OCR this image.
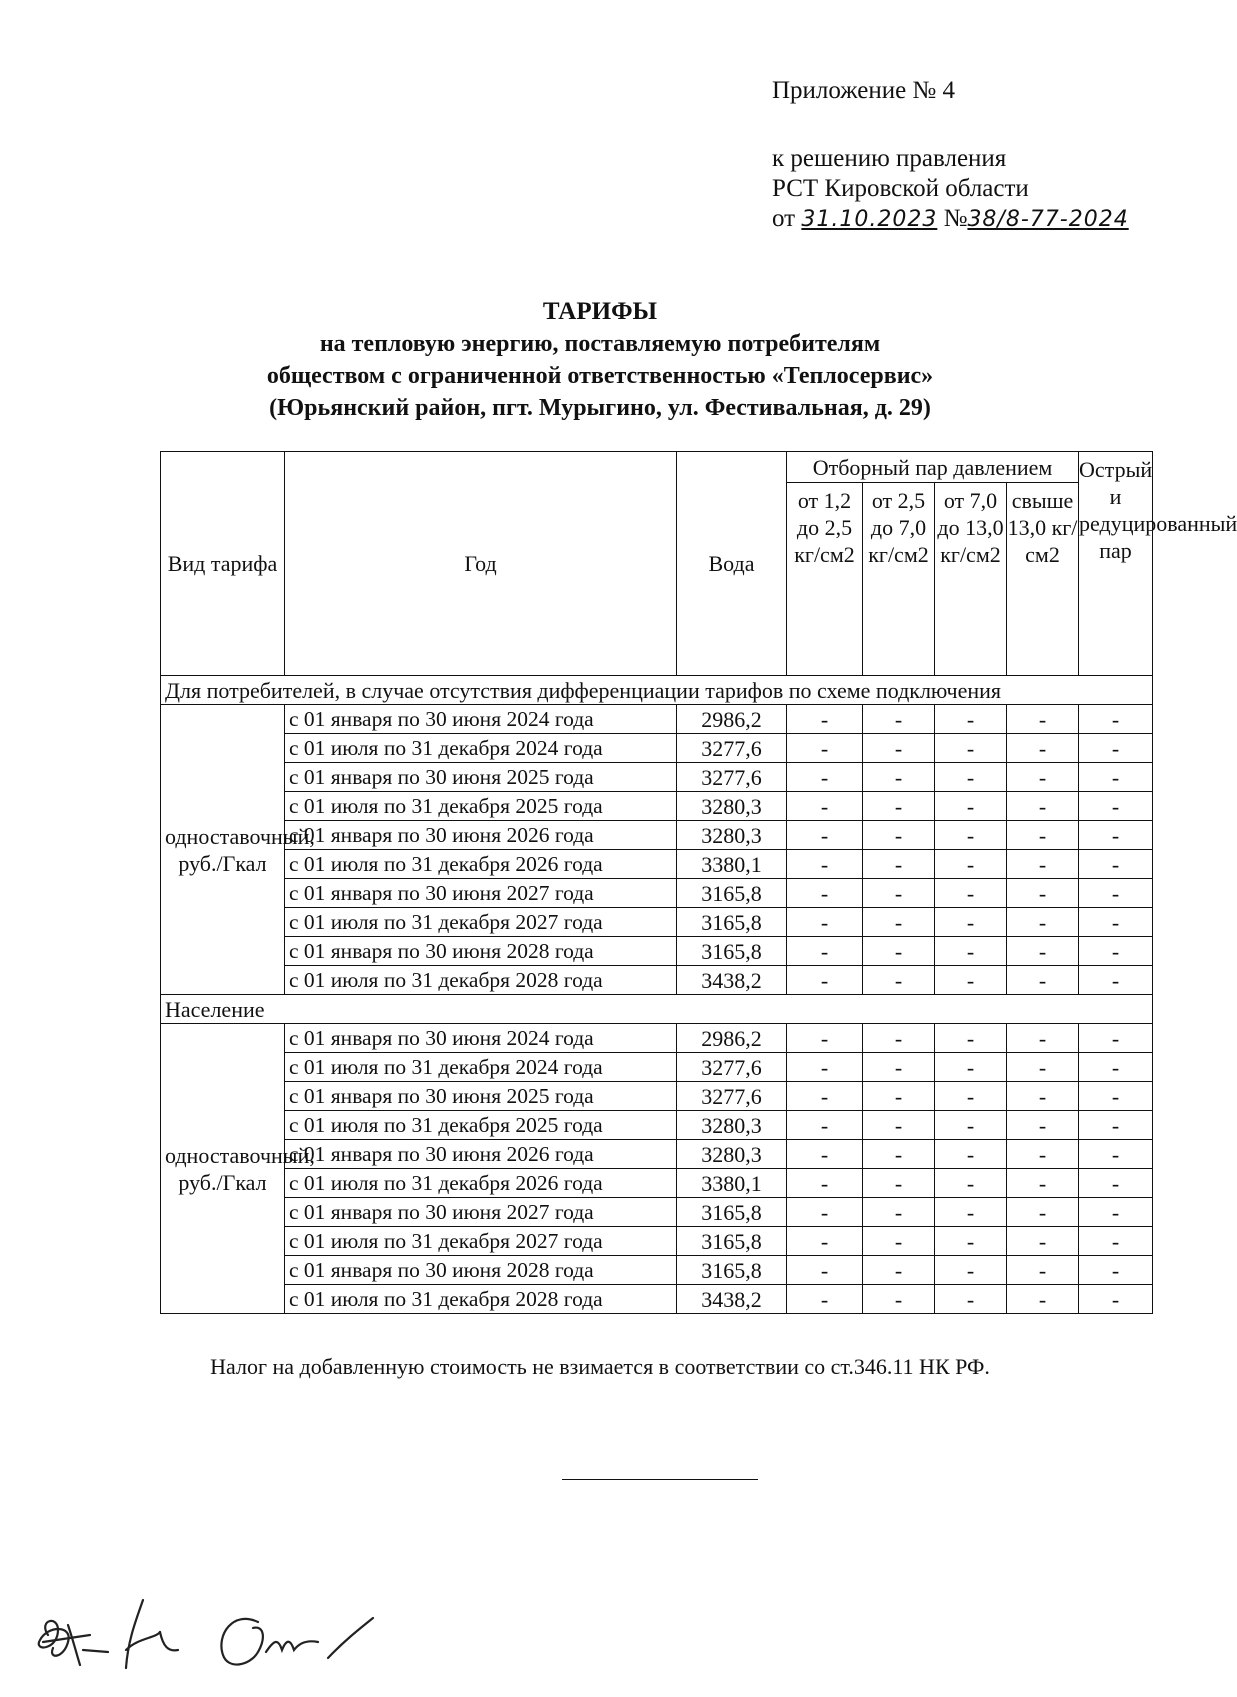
Приложение № 4
к решению правления
РСТ Кировской области
от 31.10.2023 №38/8-77-2024
ТАРИФЫ
на тепловую энергию, поставляемую потребителям
обществом с ограниченной ответственностью «Теплосервис»
(Юрьянский район, пгт. Мурыгино, ул. Фестивальная, д. 29)
Вид тарифа	Год	Вода	Отборный пар давлением				Острый и редуцированный пар
			от 1,2 до 2,5 кг/см2	от 2,5 до 7,0 кг/см2	от 7,0 до 13,0 кг/см2	свыше 13,0 кг/см2	
Для потребителей, в случае отсутствия дифференциации тарифов по схеме подключения							
одноставочный, руб./Гкал	с 01 января по 30 июня 2024 года	2986,2	-	-	-	-	-
	с 01 июля по 31 декабря 2024 года	3277,6	-	-	-	-	-
	с 01 января по 30 июня 2025 года	3277,6	-	-	-	-	-
	с 01 июля по 31 декабря 2025 года	3280,3	-	-	-	-	-
	с 01 января по 30 июня 2026 года	3280,3	-	-	-	-	-
	с 01 июля по 31 декабря 2026 года	3380,1	-	-	-	-	-
	с 01 января по 30 июня 2027 года	3165,8	-	-	-	-	-
	с 01 июля по 31 декабря 2027 года	3165,8	-	-	-	-	-
	с 01 января по 30 июня 2028 года	3165,8	-	-	-	-	-
	с 01 июля по 31 декабря 2028 года	3438,2	-	-	-	-	-
Население							
одноставочный, руб./Гкал	с 01 января по 30 июня 2024 года	2986,2	-	-	-	-	-
	с 01 июля по 31 декабря 2024 года	3277,6	-	-	-	-	-
	с 01 января по 30 июня 2025 года	3277,6	-	-	-	-	-
	с 01 июля по 31 декабря 2025 года	3280,3	-	-	-	-	-
	с 01 января по 30 июня 2026 года	3280,3	-	-	-	-	-
	с 01 июля по 31 декабря 2026 года	3380,1	-	-	-	-	-
	с 01 января по 30 июня 2027 года	3165,8	-	-	-	-	-
	с 01 июля по 31 декабря 2027 года	3165,8	-	-	-	-	-
	с 01 января по 30 июня 2028 года	3165,8	-	-	-	-	-
	с 01 июля по 31 декабря 2028 года	3438,2	-	-	-	-	-
Налог на добавленную стоимость не взимается в соответствии со ст.346.11 НК РФ.
